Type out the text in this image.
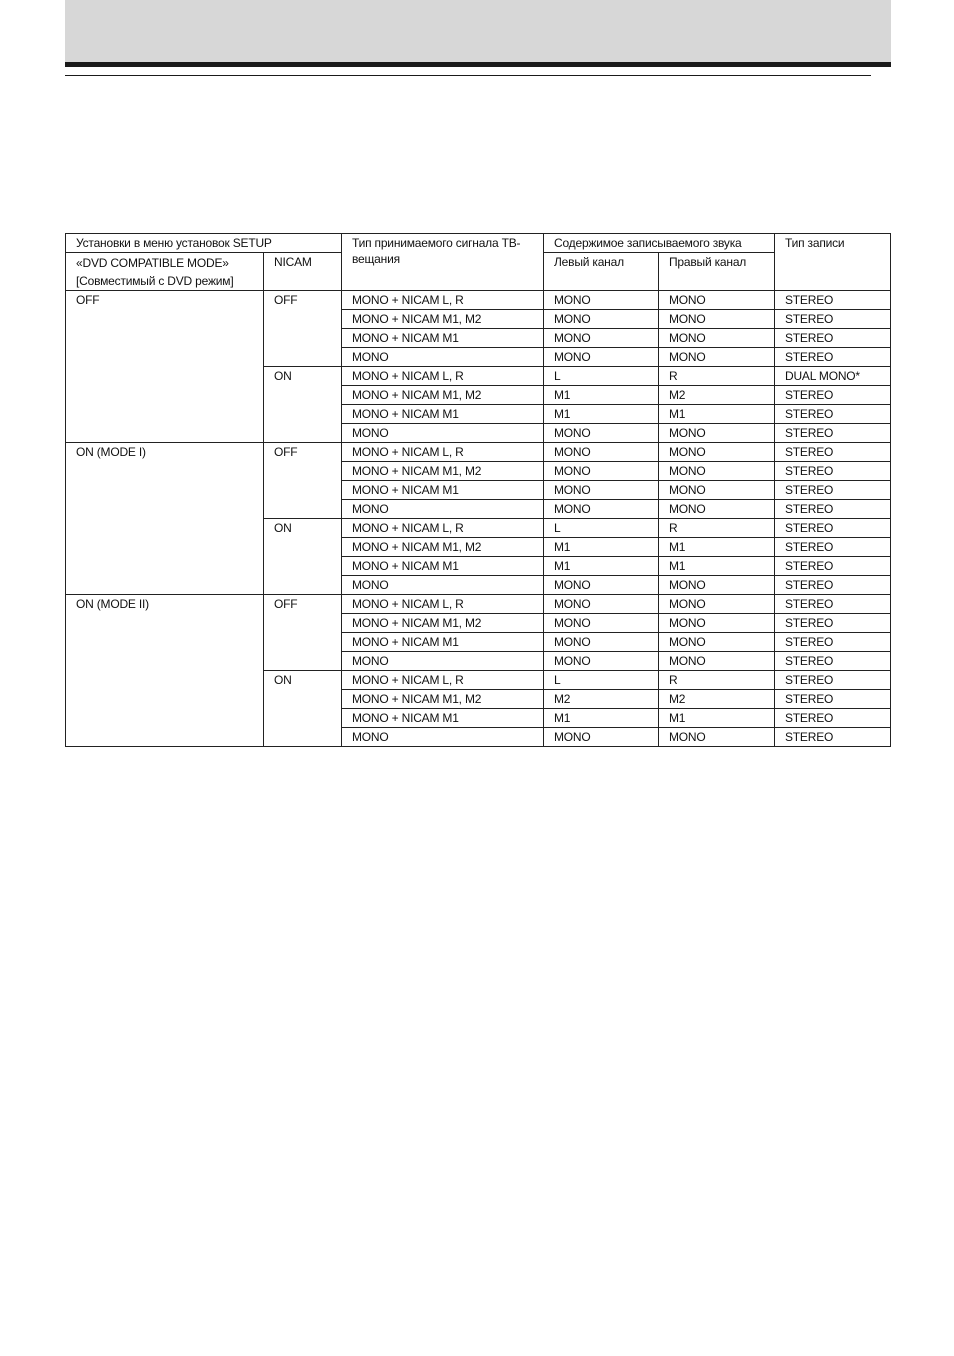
Установки в меню установок SETUP		Тип принимаемого сигнала ТВ-вещания	Содержимое записываемого звука		Тип записи
«DVD COMPATIBLE MODE»
[Совместимый с DVD режим]	NICAM		Левый канал	Правый канал	
OFF	OFF	MONO + NICAM L, R	MONO	MONO	STEREO
		MONO + NICAM M1, M2	MONO	MONO	STEREO
		MONO + NICAM M1	MONO	MONO	STEREO
		MONO	MONO	MONO	STEREO
	ON	MONO + NICAM L, R	L	R	DUAL MONO*
		MONO + NICAM M1, M2	M1	M2	STEREO
		MONO + NICAM M1	M1	M1	STEREO
		MONO	MONO	MONO	STEREO
ON (MODE I)	OFF	MONO + NICAM L, R	MONO	MONO	STEREO
		MONO + NICAM M1, M2	MONO	MONO	STEREO
		MONO + NICAM M1	MONO	MONO	STEREO
		MONO	MONO	MONO	STEREO
	ON	MONO + NICAM L, R	L	R	STEREO
		MONO + NICAM M1, M2	M1	M1	STEREO
		MONO + NICAM M1	M1	M1	STEREO
		MONO	MONO	MONO	STEREO
ON (MODE II)	OFF	MONO + NICAM L, R	MONO	MONO	STEREO
		MONO + NICAM M1, M2	MONO	MONO	STEREO
		MONO + NICAM M1	MONO	MONO	STEREO
		MONO	MONO	MONO	STEREO
	ON	MONO + NICAM L, R	L	R	STEREO
		MONO + NICAM M1, M2	M2	M2	STEREO
		MONO + NICAM M1	M1	M1	STEREO
		MONO	MONO	MONO	STEREO
